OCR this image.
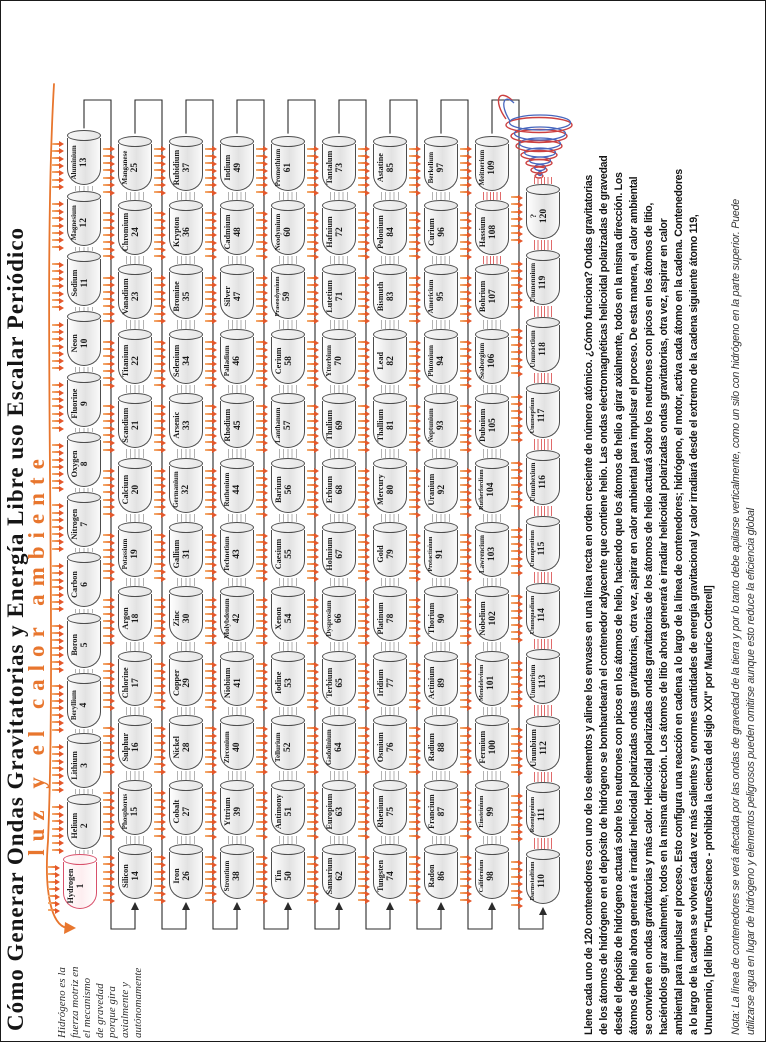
Cómo Generar Ondas Gravitatorias y Energía Libre uso Escalar Periódico
luz y el calor ambiente
Hydrogen 1
Helium 2
Lithium 3
Beryllium 4
Boron 5
Carbon 6
Nitrogen 7
Oxygen 8
Fluorine 9
Neon 10
Sodium 11
Magnesium 12
Aluminium 13
Silicon 14
Phosphorus 15
Sulphur 16
Chlorine 17
Argon 18
Potassium 19
Calcium 20
Scandium 21
Titanium 22
Vanadium 23
Chromium 24
Manganese 25
Iron 26
Cobalt 27
Nickel 28
Copper 29
Zinc 30
Gallium 31
Germanium 32
Arsenic 33
Selenium 34
Bromine 35
Krypton 36
Rubidium 37
Strontium 38
Yttrium 39
Zirconium 40
Niobium 41
Molybdenum 42
Technetium 43
Ruthenium 44
Rhodium 45
Palladium 46
Silver 47
Cadmium 48
Indium 49
Tin 50
Antimony 51
Tellurium 52
Iodine 53
Xenon 54
Caesium 55
Barium 56
Lanthanum 57
Cerium 58
Praseodymium 59
Neodymium 60
Promethium 61
Samarium 62
Europium 63
Gadolinium 64
Terbium 65
Dysprosium 66
Holmium 67
Erbium 68
Thulium 69
Ytterbium 70
Lutetium 71
Hafnium 72
Tantalum 73
Tungsten 74
Rhenium 75
Osmium 76
Iridium 77
Platinum 78
Gold 79
Mercury 80
Thallium 81
Lead 82
Bismuth 83
Polonium 84
Astatine 85
Radon 86
Francium 87
Radium 88
Actinium 89
Thorium 90
Protactinium 91
Uranium 92
Neptunium 93
Plutonium 94
Americium 95
Curium 96
Berkelium 97
Californium 98
Einsteinium 99
Fermium 100
Mendelevium 101
Nobelium 102
Lawrencium 103
Rutherfordium 104
Dubnium 105
Seaborgium 106
Bohrium 107
Hassium 108
Meitnerium 109
Darmstadtium 110
Roentgenium 111
Ununbium 112
Ununtrium 113
Ununquadium 114
Ununpentium 115
Ununhexium 116
Ununseptium 117
Ununoctium 118
Ununennium 119
? 120
Hidrógeno es la fuerza motriz en el mecanismo de gravedad porque gira axialmente y autónomamente	Llene cada uno de 120 contenedores con uno de los elementos y alinee los envases en una línea recta en orden creciente de número atómico. ¿Cómo funciona? Ondas gravitatorias de los átomos de hidrógeno en el depósito de hidrógeno se bombardearán el contenedor adyacente que contiene helio. Las ondas electromagnéticas helicoidal polarizadas de gravedad desde el depósito de hidrógeno actuará sobre los neutrones con picos en los átomos de helio, haciendo que los átomos de helio a girar axialmente, todos en la misma dirección. Los átomos de helio ahora generará e irradiar helicoidal polarizadas ondas gravitatorias, otra vez, aspirar en calor ambiental para impulsar el proceso. De esta manera, el calor ambiental se convierte en ondas gravitatorias y más calor. Helicoidal polarizadas ondas gravitatorias de los átomos de helio actuará sobre los neutrones con picos en los átomos de litio, haciéndolos girar axialmente, todos en la misma dirección. Los átomos de litio ahora generará e irradiar helicoidal polarizadas ondas gravitatorias, otra vez, aspirar en calor ambiental para impulsar el proceso. Esto configura una reacción en cadena a lo largo de la línea de contenedores; hidrógeno, el motor, activa cada átomo en la cadena. Contenedores a lo largo de la cadena se volverá cada vez más calientes y enormes cantidades de energía gravitacional y calor irradiará desde el extremo de la cadena siguiente átomo 119, Ununennio, [del libro "FutureScience - prohibida la ciencia del siglo XXI" por Maurice Cotterell] Nota: La línea de contenedores se verá afectada por las ondas de gravedad de la tierra y por lo tanto debe apilarse verticalmente, como un silo con hidrógeno en la parte superior. Puede utilizarse agua en lugar de hidrógeno y elementos peligrosos pueden omitirse aunque esto reduce la eficiencia global
